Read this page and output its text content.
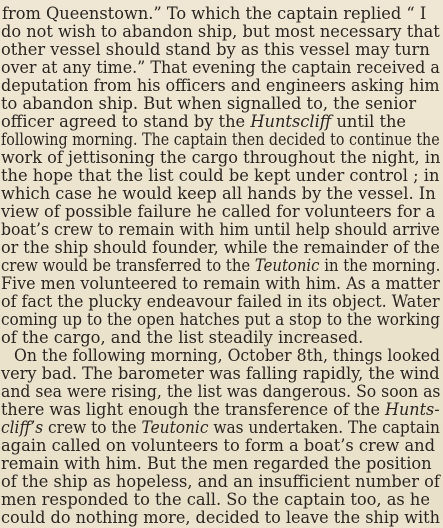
from Queenstown.” To which the captain replied “ I
do not wish to abandon ship, but most necessary that
other vessel should stand by as this vessel may turn
over at any time.” That evening the captain received a
deputation from his officers and engineers asking him
to abandon ship. But when signalled to, the senior
officer agreed to stand by the Huntscliff until the
following morning. The captain then decided to continue the
work of jettisoning the cargo throughout the night, in
the hope that the list could be kept under control ; in
which case he would keep all hands by the vessel. In
view of possible failure he called for volunteers for a
boat’s crew to remain with him until help should arrive
or the ship should founder, while the remainder of the
crew would be transferred to the Teutonic in the morning.
Five men volunteered to remain with him. As a matter
of fact the plucky endeavour failed in its object. Water
coming up to the open hatches put a stop to the working
of the cargo, and the list steadily increased.
On the following morning, October 8th, things looked
very bad. The barometer was falling rapidly, the wind
and sea were rising, the list was dangerous. So soon as
there was light enough the transference of the Hunts-
cliff’s crew to the Teutonic was undertaken. The captain
again called on volunteers to form a boat’s crew and
remain with him. But the men regarded the position
of the ship as hopeless, and an insufficient number of
men responded to the call. So the captain too, as he
could do nothing more, decided to leave the ship with
